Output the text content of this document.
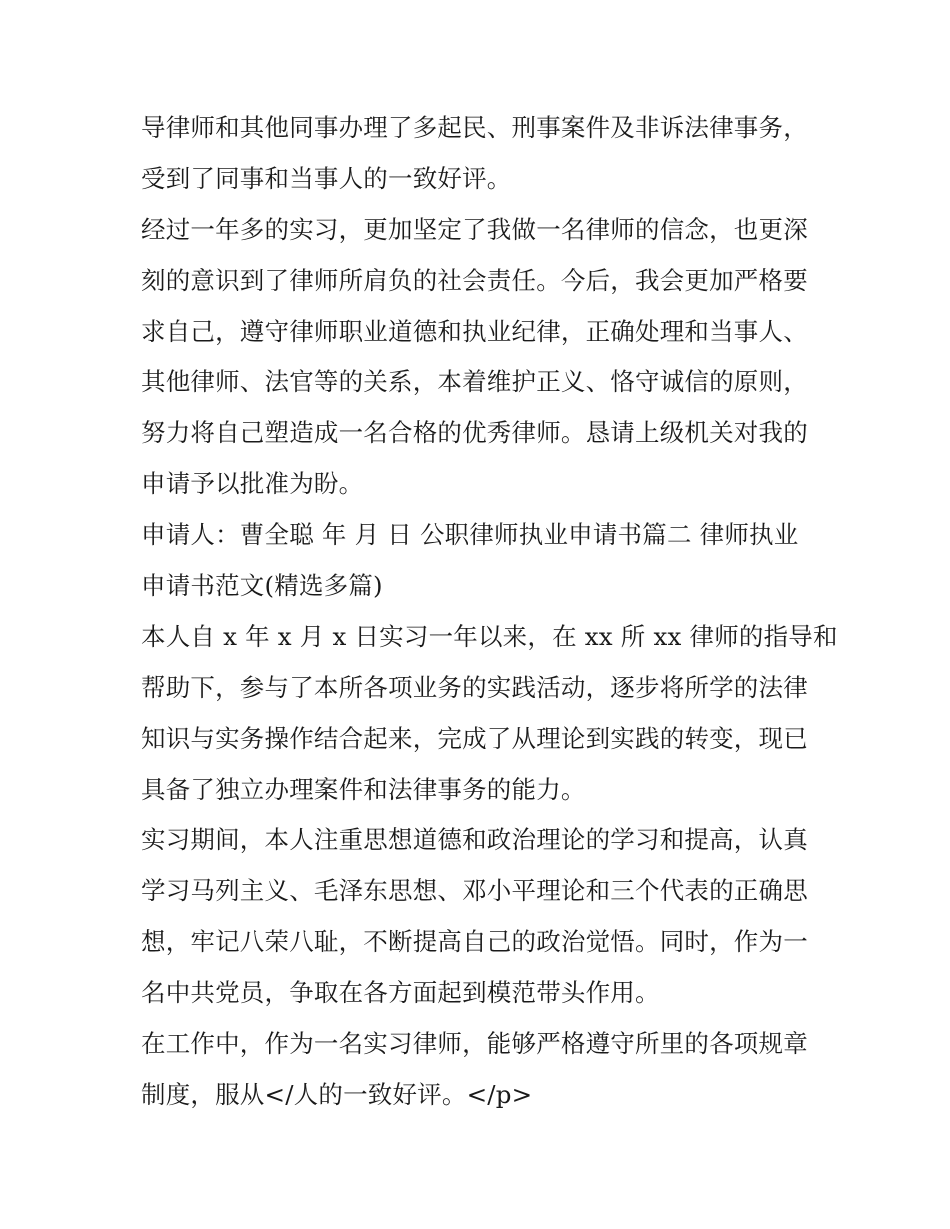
导律师和其他同事办理了多起民、刑事案件及非诉法律事务，
受到了同事和当事人的一致好评。
经过一年多的实习，更加坚定了我做一名律师的信念，也更深
刻的意识到了律师所肩负的社会责任。今后，我会更加严格要
求自己，遵守律师职业道德和执业纪律，正确处理和当事人、
其他律师、法官等的关系，本着维护正义、恪守诚信的原则，
努力将自己塑造成一名合格的优秀律师。恳请上级机关对我的
申请予以批准为盼。
申请人：曹全聪 年 月 日 公职律师执业申请书篇二 律师执业
申请书范文(精选多篇)
本人自 x 年 x 月 x 日实习一年以来，在 xx 所 xx 律师的指导和
帮助下，参与了本所各项业务的实践活动，逐步将所学的法律
知识与实务操作结合起来，完成了从理论到实践的转变，现已
具备了独立办理案件和法律事务的能力。
实习期间，本人注重思想道德和政治理论的学习和提高，认真
学习马列主义、毛泽东思想、邓小平理论和三个代表的正确思
想，牢记八荣八耻，不断提高自己的政治觉悟。同时，作为一
名中共党员，争取在各方面起到模范带头作用。
在工作中，作为一名实习律师，能够严格遵守所里的各项规章
制度，服从</人的一致好评。</p>
